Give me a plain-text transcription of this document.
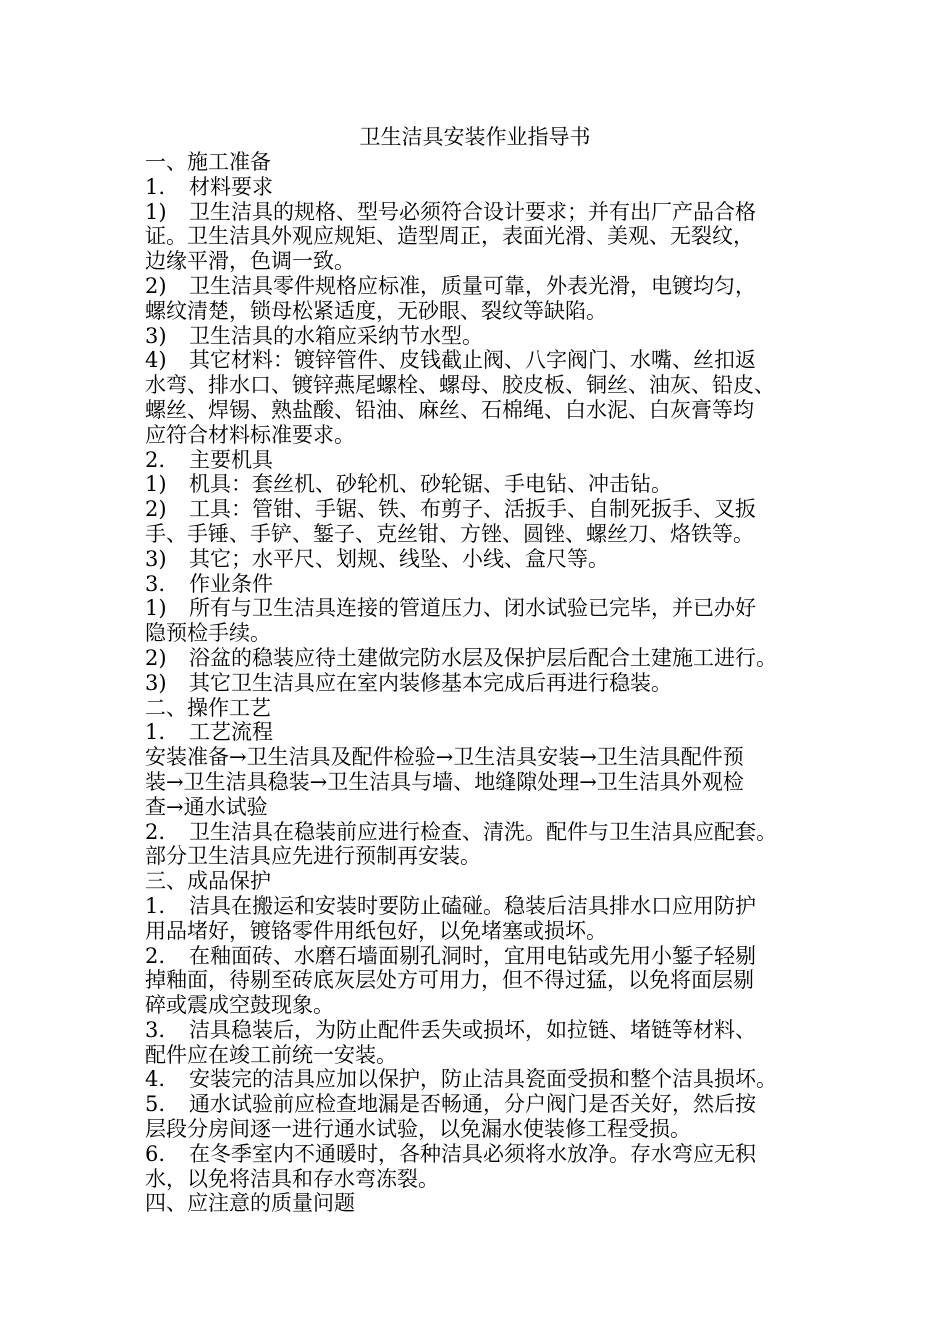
卫生洁具安装作业指导书
一、施工准备
1. 材料要求
1) 卫生洁具的规格、型号必须符合设计要求；并有出厂产品合格
证。卫生洁具外观应规矩、造型周正，表面光滑、美观、无裂纹，
边缘平滑，色调一致。
2) 卫生洁具零件规格应标准，质量可靠，外表光滑，电镀均匀，
螺纹清楚，锁母松紧适度，无砂眼、裂纹等缺陷。
3) 卫生洁具的水箱应采纳节水型。
4) 其它材料：镀锌管件、皮钱截止阀、八字阀门、水嘴、丝扣返
水弯、排水口、镀锌燕尾螺栓、螺母、胶皮板、铜丝、油灰、铅皮、
螺丝、焊锡、熟盐酸、铅油、麻丝、石棉绳、白水泥、白灰膏等均
应符合材料标准要求。
2. 主要机具
1) 机具：套丝机、砂轮机、砂轮锯、手电钻、冲击钻。
2) 工具：管钳、手锯、铁、布剪子、活扳手、自制死扳手、叉扳
手、手锤、手铲、錾子、克丝钳、方锉、圆锉、螺丝刀、烙铁等。
3) 其它；水平尺、划规、线坠、小线、盒尺等。
3. 作业条件
1) 所有与卫生洁具连接的管道压力、闭水试验已完毕，并已办好
隐预检手续。
2) 浴盆的稳装应待土建做完防水层及保护层后配合土建施工进行。
3) 其它卫生洁具应在室内装修基本完成后再进行稳装。
二、操作工艺
1. 工艺流程
安装准备→卫生洁具及配件检验→卫生洁具安装→卫生洁具配件预
装→卫生洁具稳装→卫生洁具与墙、地缝隙处理→卫生洁具外观检
查→通水试验
2. 卫生洁具在稳装前应进行检查、清洗。配件与卫生洁具应配套。
部分卫生洁具应先进行预制再安装。
三、成品保护
1. 洁具在搬运和安装时要防止磕碰。稳装后洁具排水口应用防护
用品堵好，镀铬零件用纸包好，以免堵塞或损坏。
2. 在釉面砖、水磨石墙面剔孔洞时，宜用电钻或先用小錾子轻剔
掉釉面，待剔至砖底灰层处方可用力，但不得过猛，以免将面层剔
碎或震成空鼓现象。
3. 洁具稳装后，为防止配件丢失或损坏，如拉链、堵链等材料、
配件应在竣工前统一安装。
4. 安装完的洁具应加以保护，防止洁具瓷面受损和整个洁具损坏。
5. 通水试验前应检查地漏是否畅通，分户阀门是否关好，然后按
层段分房间逐一进行通水试验，以免漏水使装修工程受损。
6. 在冬季室内不通暖时，各种洁具必须将水放净。存水弯应无积
水，以免将洁具和存水弯冻裂。
四、应注意的质量问题
